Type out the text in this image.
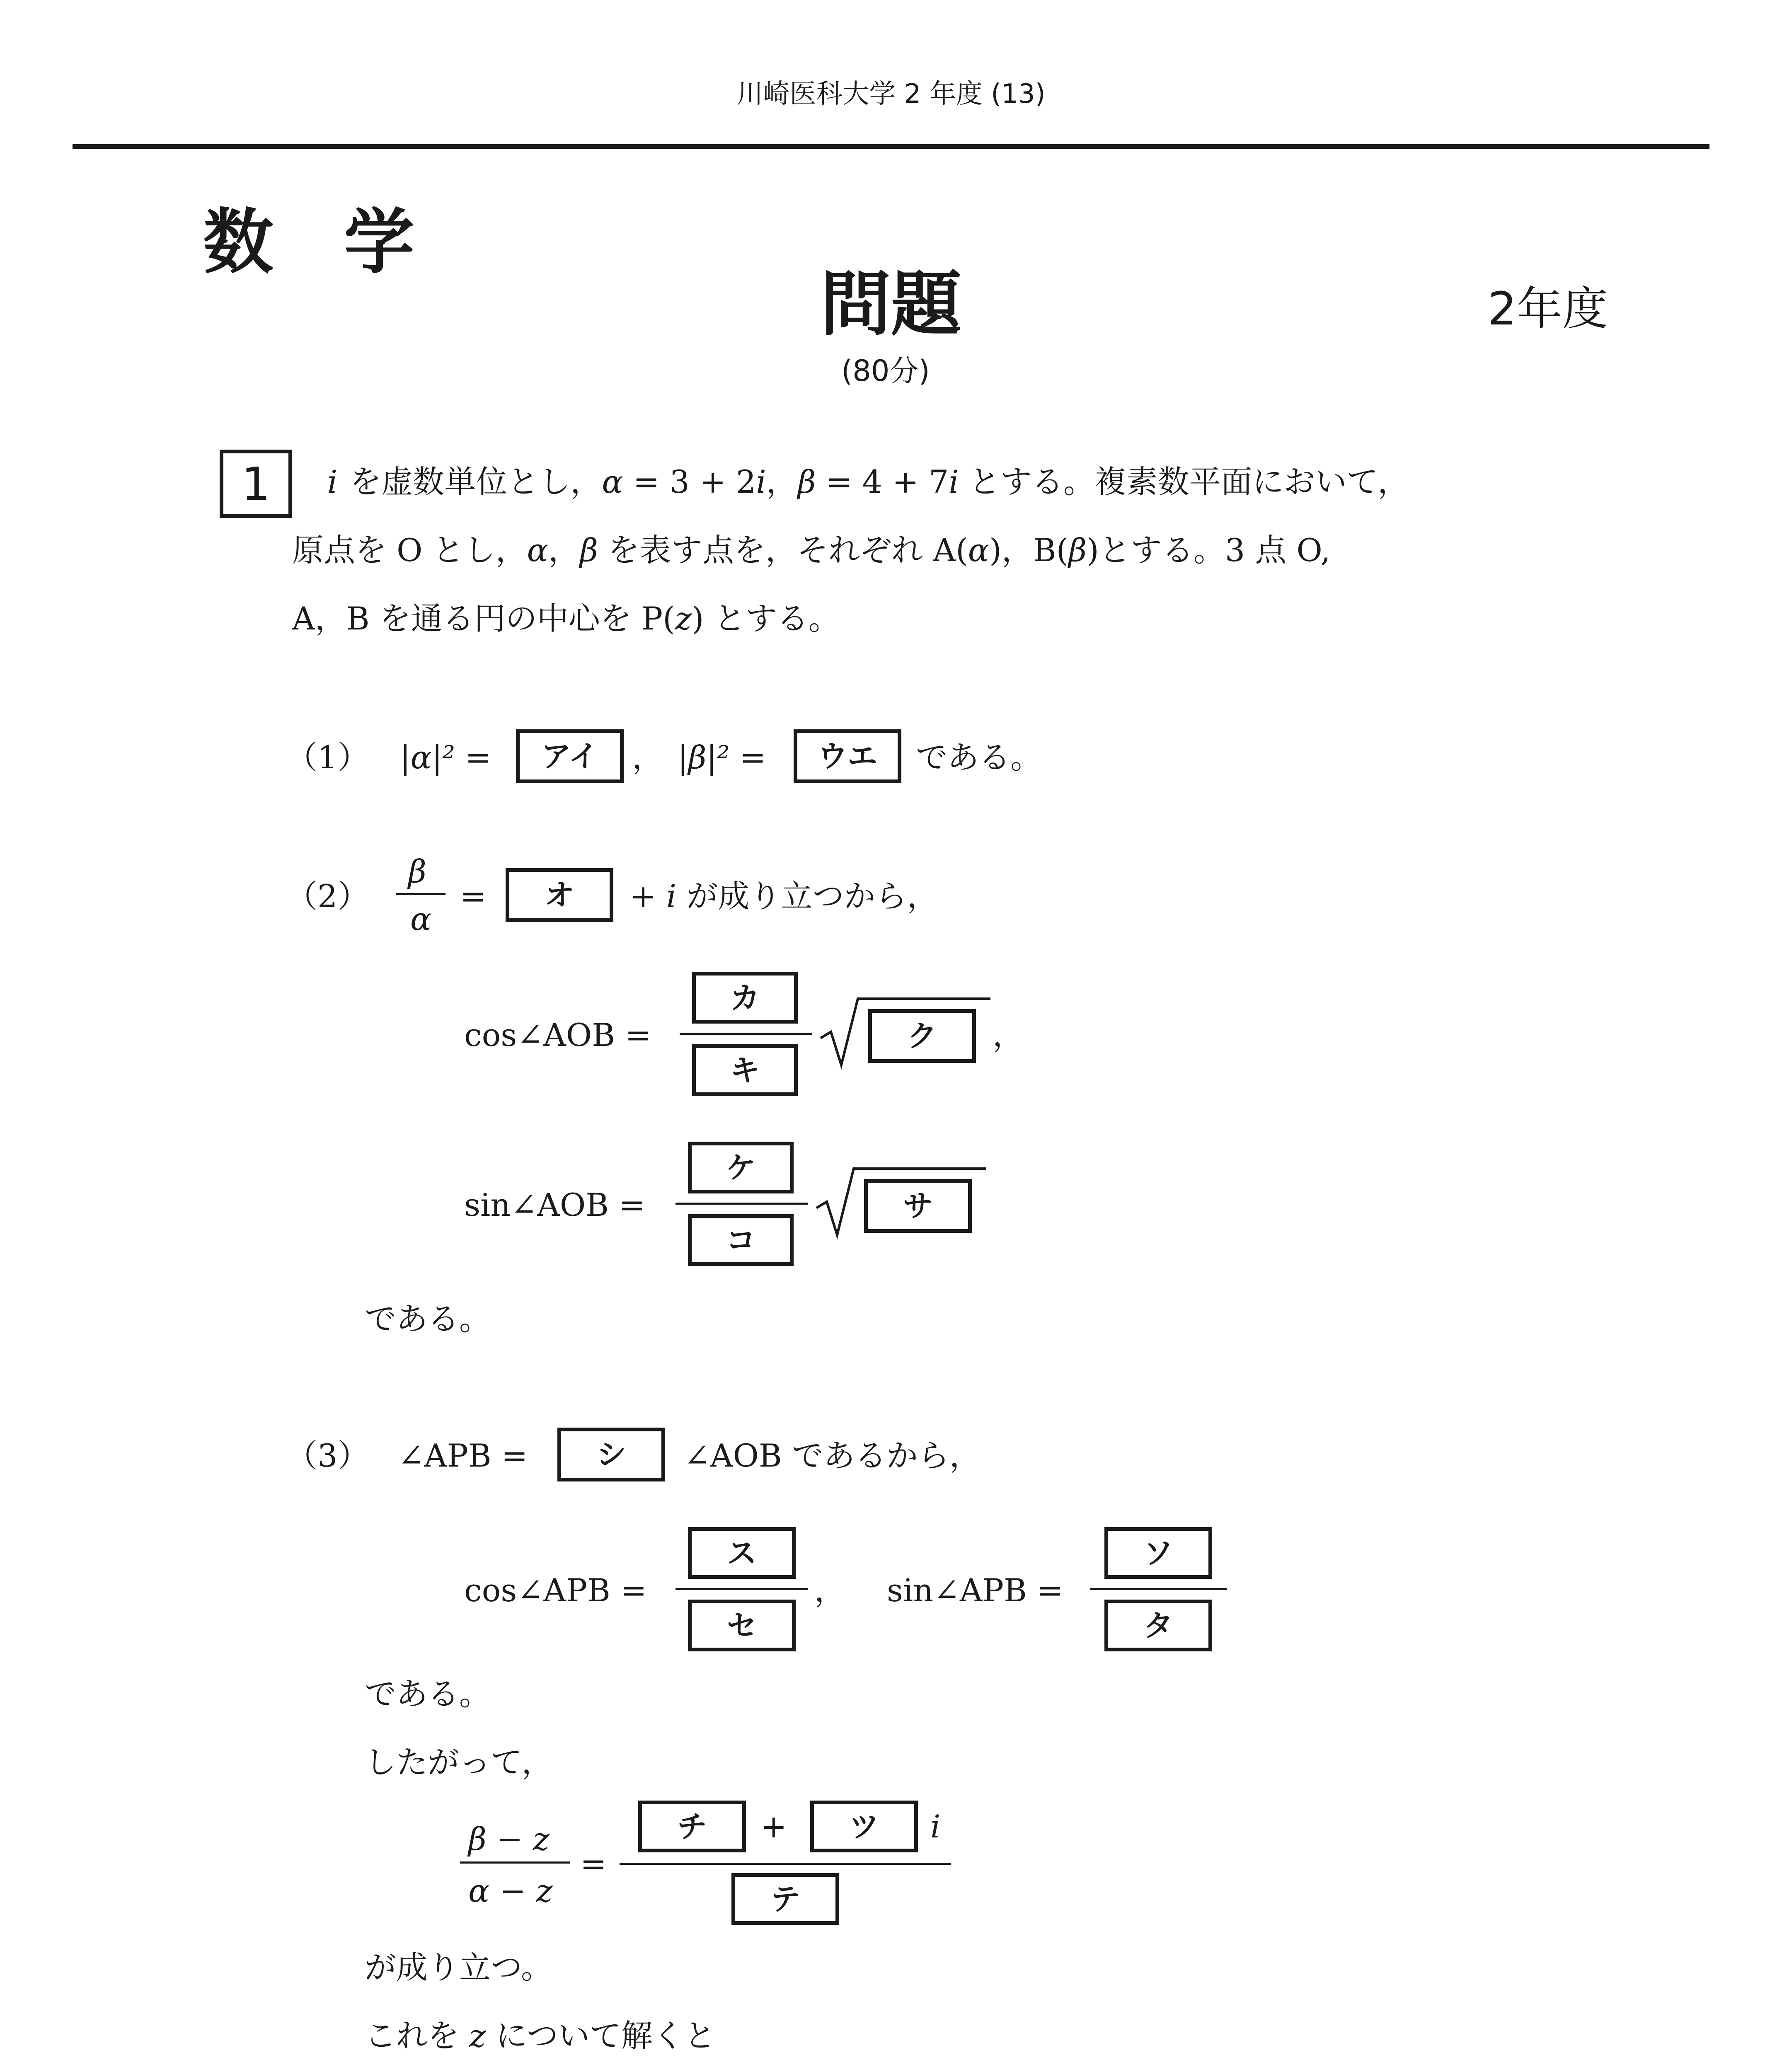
川崎医科大学 2 年度 (13)
数　学
問題	2年度
(80分)
1 i を虚数単位とし，α = 3 + 2i，β = 4 + 7i とする。複素数平面において，
原点を O とし，α，β を表す点を，それぞれ A(α)，B(β)とする。3 点 O,
A，B を通る円の中心を P(z) とする。
（1） |α|² = アイ ， |β|² = ウエ である。
（2）
β
α
= オ + i が成り立つから，
cos∠AOB =
カ
キ
ク ，
sin∠AOB =
ケ
コ
サ
である。
（3） ∠APB = シ ∠AOB であるから，
cos∠APB =
ス
セ
， sin∠APB =
ソ
タ
である。
したがって，
β − z
α − z
=
チ + ツ i
テ
が成り立つ。
これを z について解くと
